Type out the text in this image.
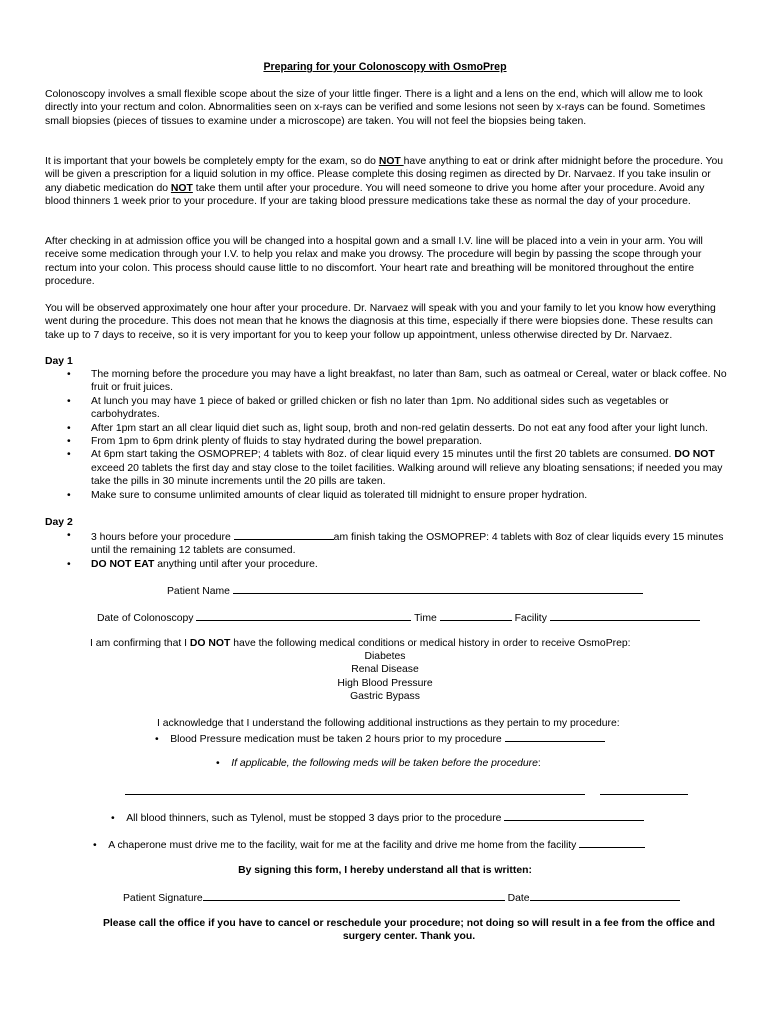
Preparing for your Colonoscopy with OsmoPrep

Colonoscopy involves a small flexible scope about the size of your little finger. There is a light and a lens on the end, which will allow me to look directly into your rectum and colon. Abnormalities seen on x-rays can be verified and some lesions not seen by x-rays can be found. Sometimes small biopsies (pieces of tissues to examine under a microscope) are taken. You will not feel the biopsies being taken.

It is important that your bowels be completely empty for the exam, so do NOT have anything to eat or drink after midnight before the procedure. You will be given a prescription for a liquid solution in my office. Please complete this dosing regimen as directed by Dr. Narvaez. If you take insulin or any diabetic medication do NOT take them until after your procedure. You will need someone to drive you home after your procedure. Avoid any blood thinners 1 week prior to your procedure. If your are taking blood pressure medications take these as normal the day of your procedure.

After checking in at admission office you will be changed into a hospital gown and a small I.V. line will be placed into a vein in your arm. You will receive some medication through your I.V. to help you relax and make you drowsy. The procedure will begin by passing the scope through your rectum into your colon. This process should cause little to no discomfort. Your heart rate and breathing will be monitored throughout the entire procedure.

You will be observed approximately one hour after your procedure. Dr. Narvaez will speak with you and your family to let you know how everything went during the procedure. This does not mean that he knows the diagnosis at this time, especially if there were biopsies done. These results can take up to 7 days to receive, so it is very important for you to keep your follow up appointment, unless otherwise directed by Dr. Narvaez.

Day 1
• The morning before the procedure you may have a light breakfast, no later than 8am, such as oatmeal or Cereal, water or black coffee. No fruit or fruit juices.
• At lunch you may have 1 piece of baked or grilled chicken or fish no later than 1pm. No additional sides such as vegetables or carbohydrates.
• After 1pm start an all clear liquid diet such as, light soup, broth and non-red gelatin desserts. Do not eat any food after your light lunch.
• From 1pm to 6pm drink plenty of fluids to stay hydrated during the bowel preparation.
• At 6pm start taking the OSMOPREP; 4 tablets with 8oz. of clear liquid every 15 minutes until the first 20 tablets are consumed. DO NOT exceed 20 tablets the first day and stay close to the toilet facilities. Walking around will relieve any bloating sensations; if needed you may take the pills in 30 minute increments until the 20 pills are taken.
• Make sure to consume unlimited amounts of clear liquid as tolerated till midnight to ensure proper hydration.
Day 2
• 3 hours before your procedure	am finish taking the OSMOPREP: 4 tablets with 8oz of clear liquids every 15 minutes until the remaining 12 tablets are consumed.
• DO NOT EAT anything until after your procedure.
Patient Name
Date of Colonoscopy	Time	Facility
I am confirming that I DO NOT have the following medical conditions or medical history in order to receive OsmoPrep:
Diabetes
Renal Disease
High Blood Pressure
Gastric Bypass
I acknowledge that I understand the following additional instructions as they pertain to my procedure:
• Blood Pressure medication must be taken 2 hours prior to my procedure
• If applicable, the following meds will be taken before the procedure:
• All blood thinners, such as Tylenol, must be stopped 3 days prior to the procedure
• A chaperone must drive me to the facility, wait for me at the facility and drive me home from the facility
By signing this form, I hereby understand all that is written:
Patient Signature	Date
Please call the office if you have to cancel or reschedule your procedure; not doing so will result in a fee from the office and surgery center. Thank you.
